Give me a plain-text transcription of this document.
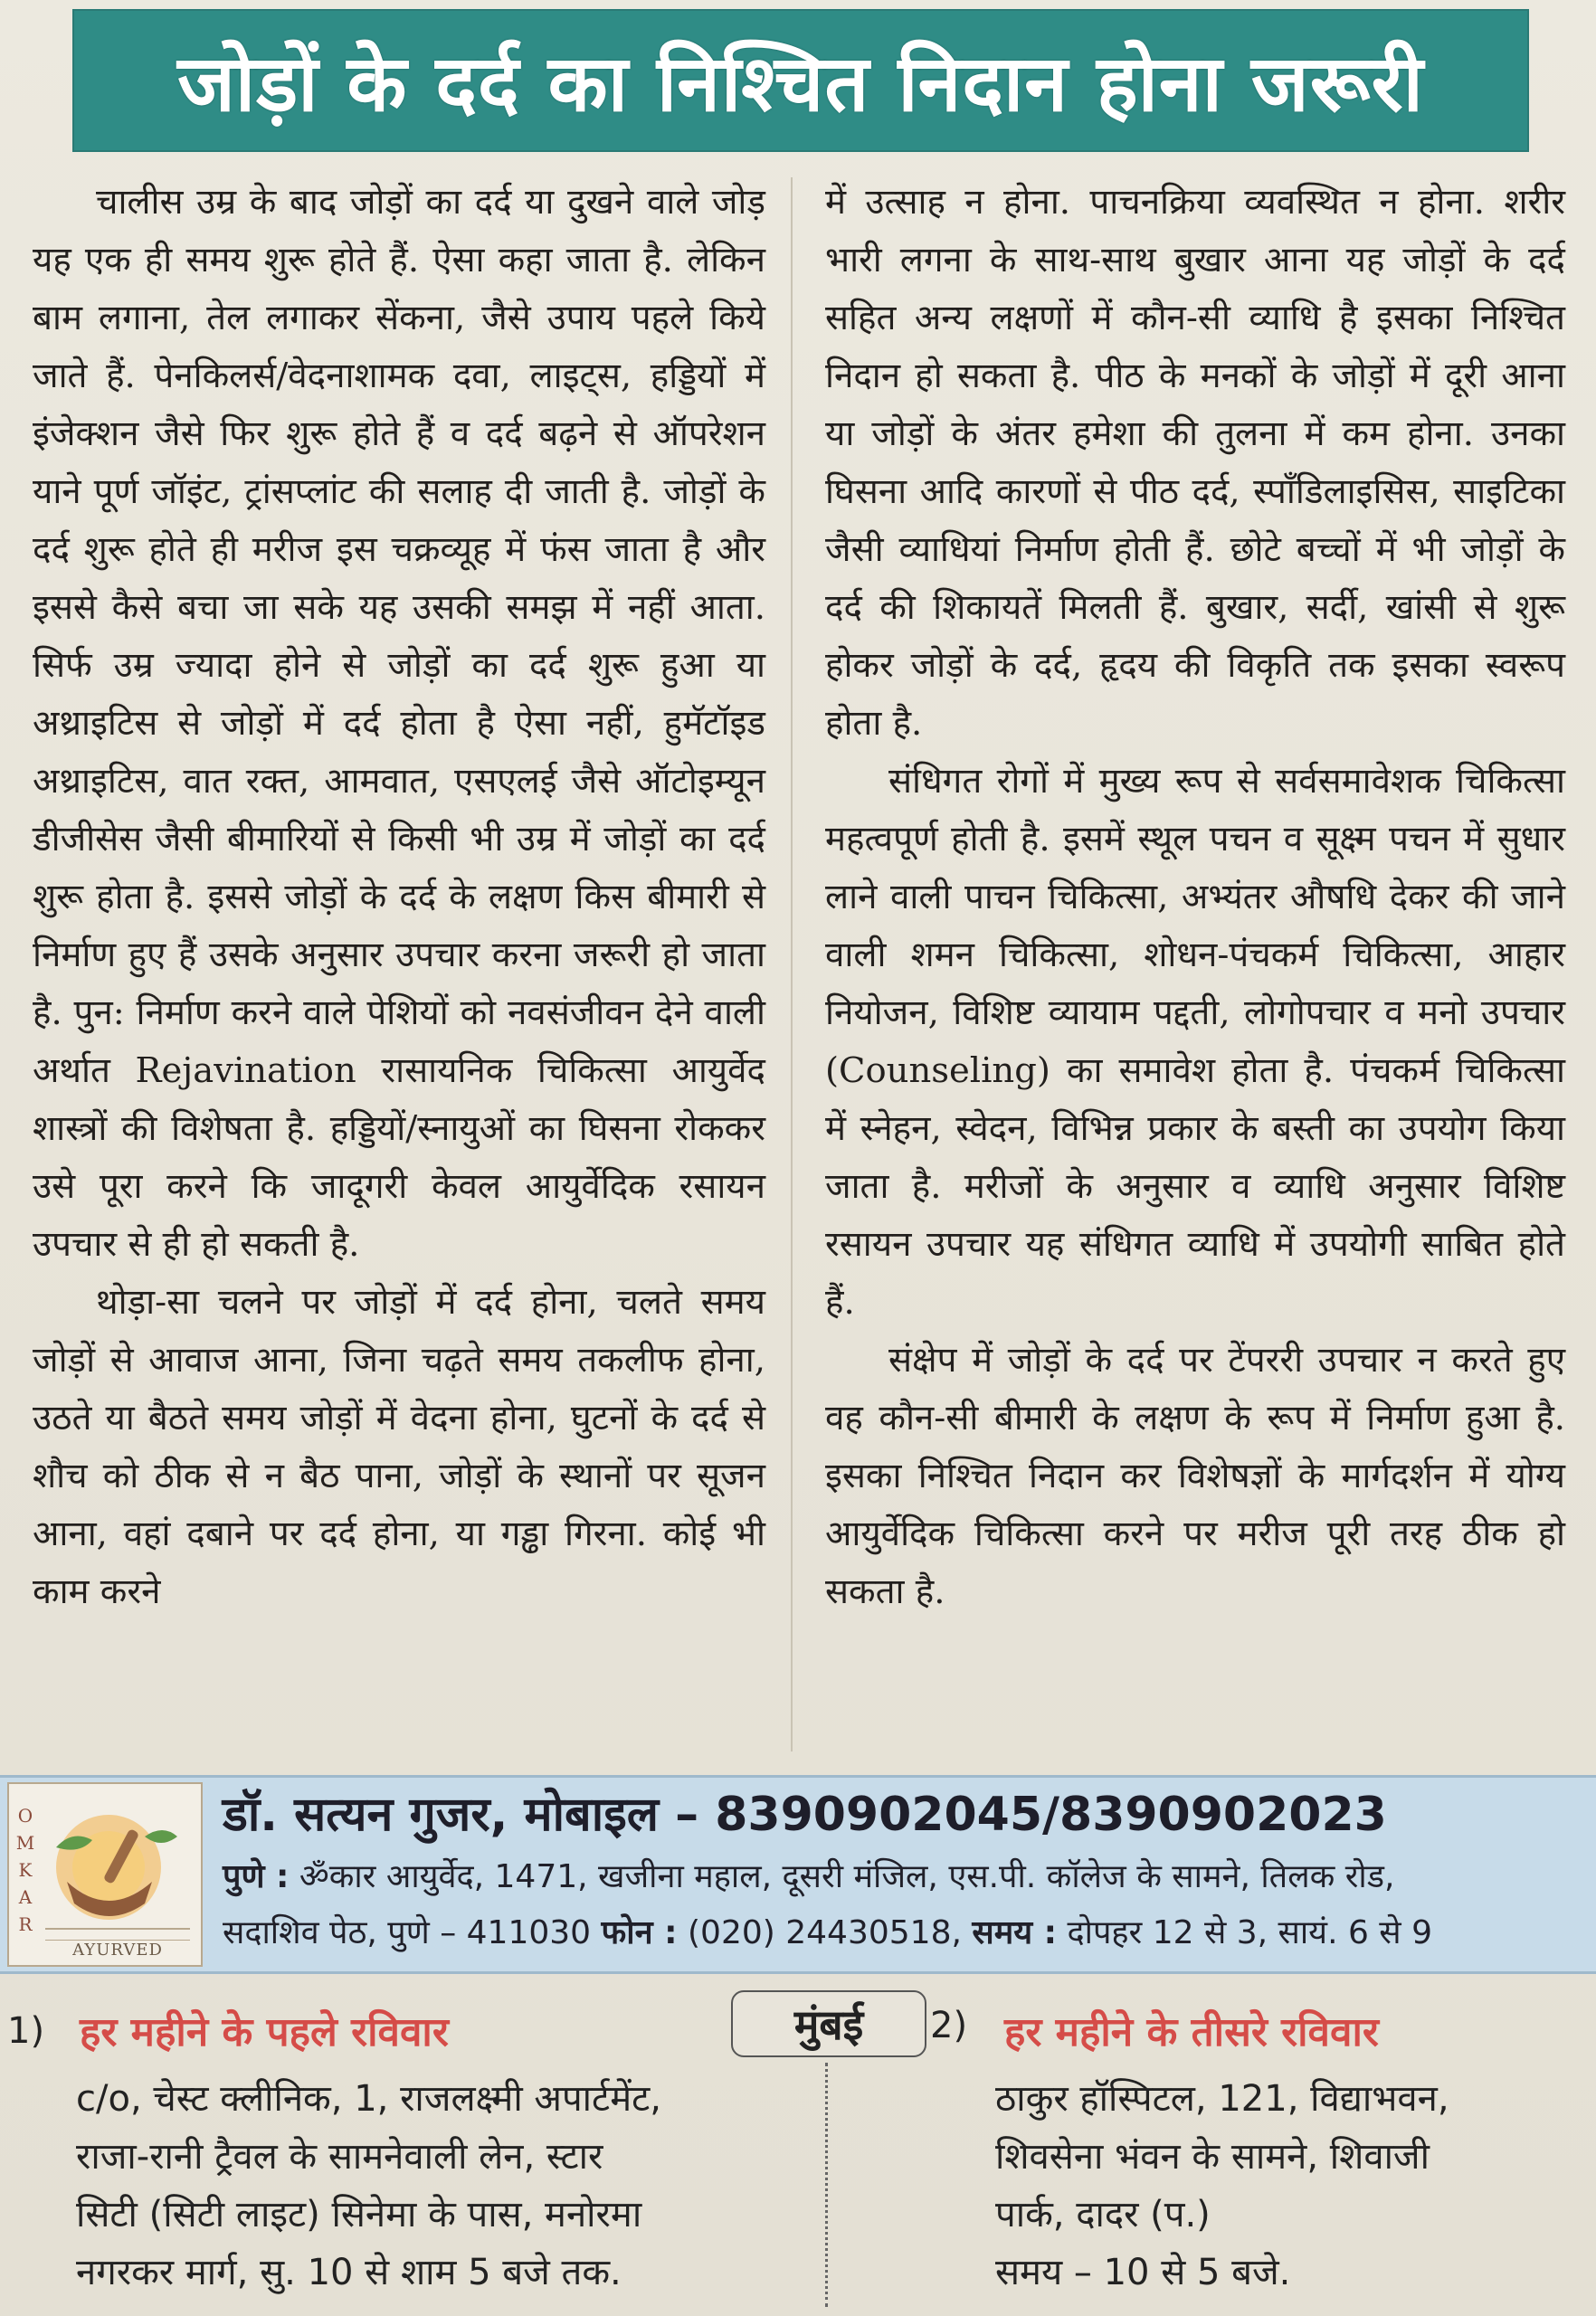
जोड़ों के दर्द का निश्चित निदान होना जरूरी

चालीस उम्र के बाद जोड़ों का दर्द या दुखने वाले जोड़ यह एक ही समय शुरू होते हैं. ऐसा कहा जाता है. लेकिन बाम लगाना, तेल लगाकर सेंकना, जैसे उपाय पहले किये जाते हैं. पेनकिलर्स/वेदनाशामक दवा, लाइट्स, हड्डियों में इंजेक्शन जैसे फिर शुरू होते हैं व दर्द बढ़ने से ऑपरेशन याने पूर्ण जॉइंट, ट्रांसप्लांट की सलाह दी जाती है. जोड़ों के दर्द शुरू होते ही मरीज इस चक्रव्यूह में फंस जाता है और इससे कैसे बचा जा सके यह उसकी समझ में नहीं आता. सिर्फ उम्र ज्यादा होने से जोड़ों का दर्द शुरू हुआ या अथ्राइटिस से जोड़ों में दर्द होता है ऐसा नहीं, हुमॅटॉइड अथ्राइटिस, वात रक्त, आमवात, एसएलई जैसे ऑटोइम्यून डीजीसेस जैसी बीमारियों से किसी भी उम्र में जोड़ों का दर्द शुरू होता है. इससे जोड़ों के दर्द के लक्षण किस बीमारी से निर्माण हुए हैं उसके अनुसार उपचार करना जरूरी हो जाता है. पुन: निर्माण करने वाले पेशियों को नवसंजीवन देने वाली अर्थात Rejavination रासायनिक चिकित्सा आयुर्वेद शास्त्रों की विशेषता है. हड्डियों/स्नायुओं का घिसना रोककर उसे पूरा करने कि जादूगरी केवल आयुर्वेदिक रसायन उपचार से ही हो सकती है.

थोड़ा-सा चलने पर जोड़ों में दर्द होना, चलते समय जोड़ों से आवाज आना, जिना चढ़ते समय तकलीफ होना, उठते या बैठते समय जोड़ों में वेदना होना, घुटनों के दर्द से शौच को ठीक से न बैठ पाना, जोड़ों के स्थानों पर सूजन आना, वहां दबाने पर दर्द होना, या गड्ढा गिरना. कोई भी काम करने

में उत्साह न होना. पाचनक्रिया व्यवस्थित न होना. शरीर भारी लगना के साथ-साथ बुखार आना यह जोड़ों के दर्द सहित अन्य लक्षणों में कौन-सी व्याधि है इसका निश्चित निदान हो सकता है. पीठ के मनकों के जोड़ों में दूरी आना या जोड़ों के अंतर हमेशा की तुलना में कम होना. उनका घिसना आदि कारणों से पीठ दर्द, स्पाँडिलाइसिस, साइटिका जैसी व्याधियां निर्माण होती हैं. छोटे बच्चों में भी जोड़ों के दर्द की शिकायतें मिलती हैं. बुखार, सर्दी, खांसी से शुरू होकर जोड़ों के दर्द, हृदय की विकृति तक इसका स्वरूप होता है.

संधिगत रोगों में मुख्य रूप से सर्वसमावेशक चिकित्सा महत्वपूर्ण होती है. इसमें स्थूल पचन व सूक्ष्म पचन में सुधार लाने वाली पाचन चिकित्सा, अभ्यंतर औषधि देकर की जाने वाली शमन चिकित्सा, शोधन-पंचकर्म चिकित्सा, आहार नियोजन, विशिष्ट व्यायाम पद्दती, लोगोपचार व मनो उपचार (Counseling) का समावेश होता है. पंचकर्म चिकित्सा में स्नेहन, स्वेदन, विभिन्न प्रकार के बस्ती का उपयोग किया जाता है. मरीजों के अनुसार व व्याधि अनुसार विशिष्ट रसायन उपचार यह संधिगत व्याधि में उपयोगी साबित होते हैं.

संक्षेप में जोड़ों के दर्द पर टेंपररी उपचार न करते हुए वह कौन-सी बीमारी के लक्षण के रूप में निर्माण हुआ है. इसका निश्चित निदान कर विशेषज्ञों के मार्गदर्शन में योग्य आयुर्वेदिक चिकित्सा करने पर मरीज पूरी तरह ठीक हो सकता है.

O
M
K
A
R
AYURVED
डॉ. सत्यन गुजर, मोबाइल – 8390902045/8390902023
पुणे : ॐकार आयुर्वेद, 1471, खजीना महाल, दूसरी मंजिल, एस.पी. कॉलेज के सामने, तिलक रोड,
सदाशिव पेठ, पुणे – 411030 फोन : (020) 24430518, समय : दोपहर 12 से 3, सायं. 6 से 9
मुंबई
1) हर महीने के पहले रविवार
c/o, चेस्ट क्लीनिक, 1, राजलक्ष्मी अपार्टमेंट,
राजा-रानी ट्रैवल के सामनेवाली लेन, स्टार
सिटी (सिटी लाइट) सिनेमा के पास, मनोरमा
नगरकर मार्ग, सु. 10 से शाम 5 बजे तक.
2) हर महीने के तीसरे रविवार
ठाकुर हॉस्पिटल, 121, विद्याभवन,
शिवसेना भंवन के सामने, शिवाजी
पार्क, दादर (प.)
समय – 10 से 5 बजे.
